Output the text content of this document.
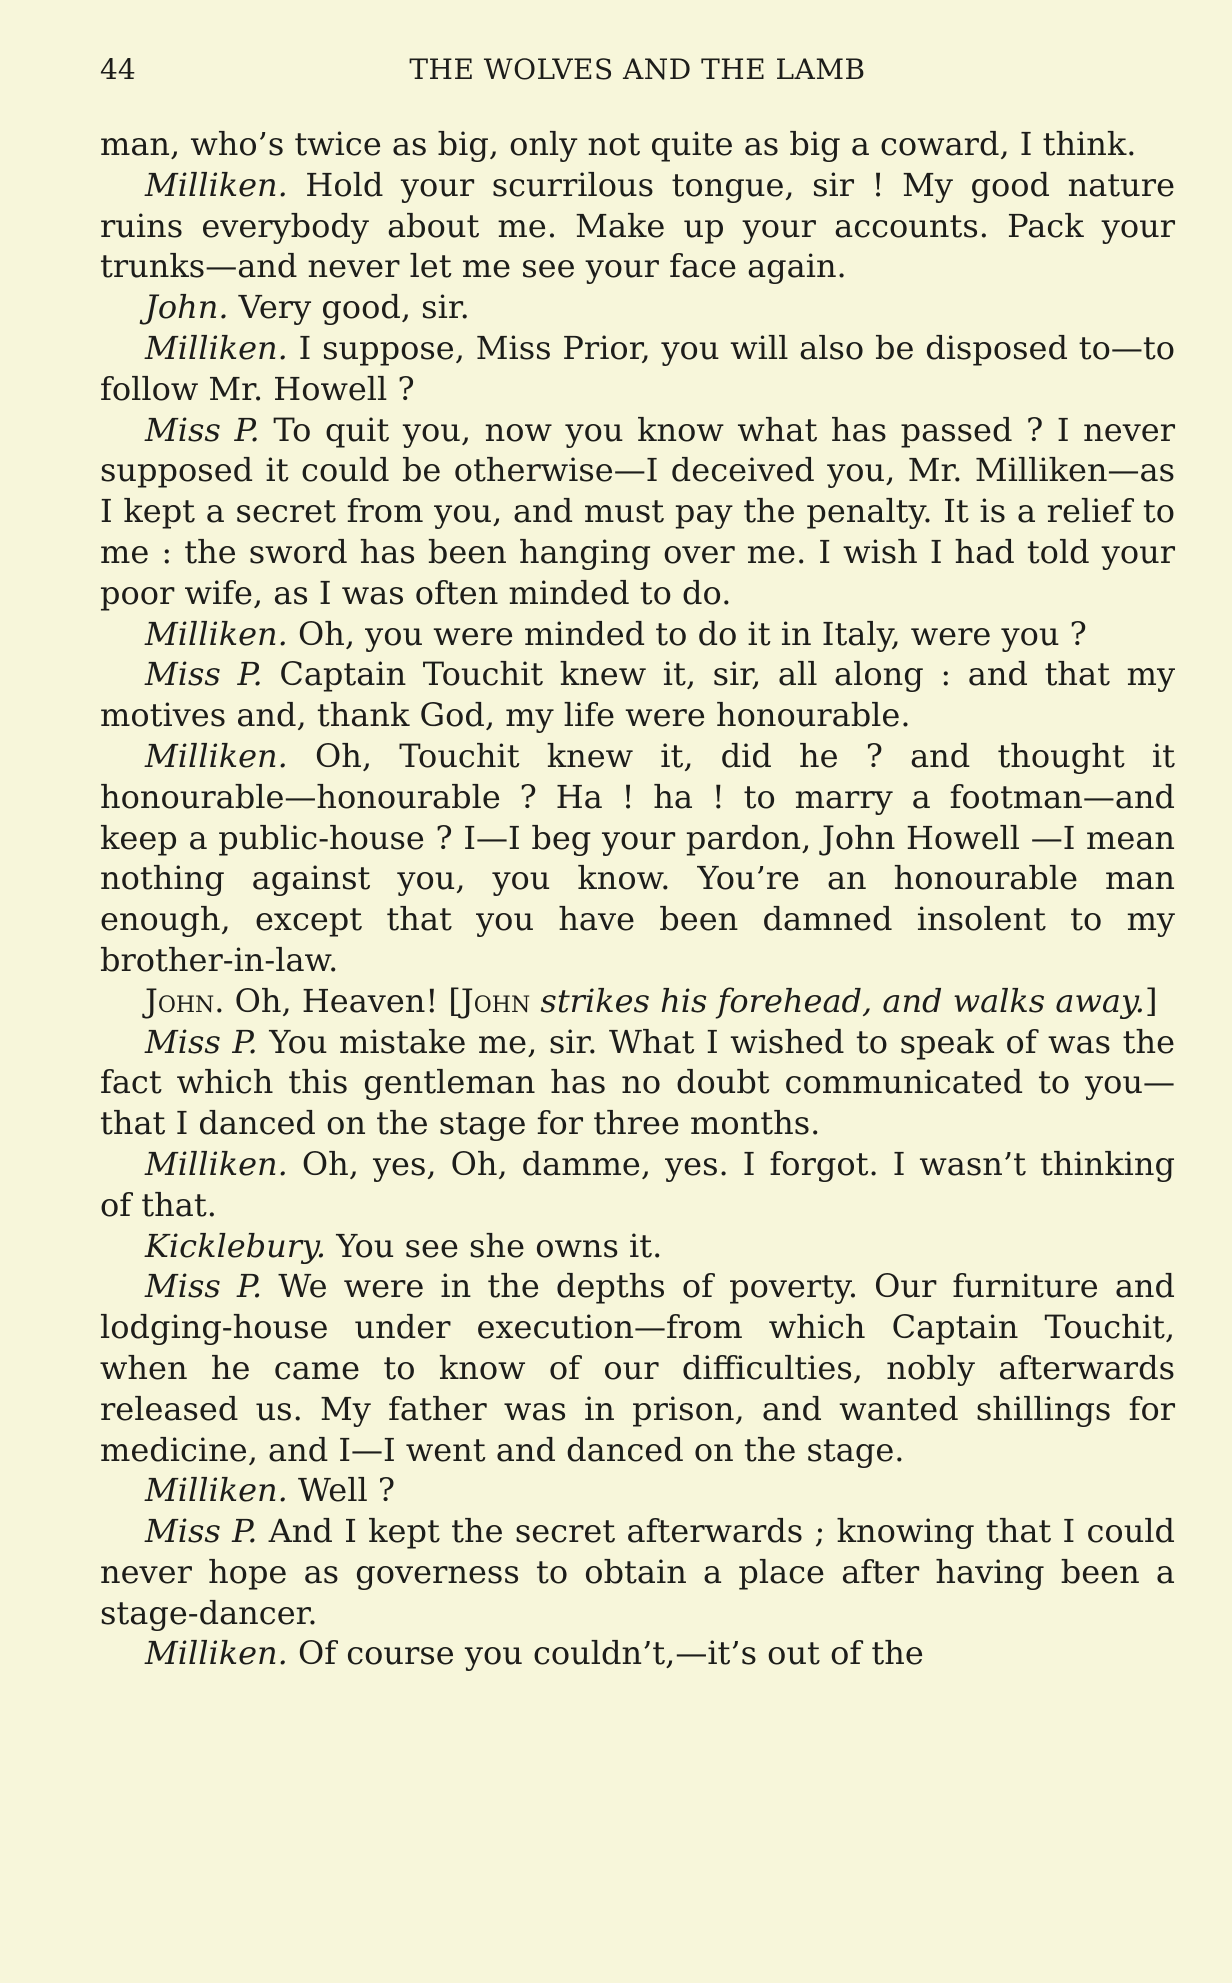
44	THE WOLVES AND THE LAMB

man, who’s twice as big, only not quite as big a coward, I think.

Milliken. Hold your scurrilous tongue, sir ! My good nature ruins everybody about me. Make up your accounts. Pack your trunks—and never let me see your face again.

John. Very good, sir.

Milliken. I suppose, Miss Prior, you will also be disposed to—to follow Mr. Howell ?

Miss P. To quit you, now you know what has passed ? I never supposed it could be otherwise—I deceived you, Mr. Milliken—as I kept a secret from you, and must pay the penalty. It is a relief to me : the sword has been hanging over me. I wish I had told your poor wife, as I was often minded to do.

Milliken. Oh, you were minded to do it in Italy, were you ?

Miss P. Captain Touchit knew it, sir, all along : and that my motives and, thank God, my life were honourable.

Milliken. Oh, Touchit knew it, did he ? and thought it honourable—honourable ? Ha ! ha ! to marry a footman—and keep a public-house ? I—I beg your pardon, John Howell —I mean nothing against you, you know. You’re an honourable man enough, except that you have been damned insolent to my brother-in-law.

John. Oh, Heaven! [John strikes his forehead, and walks away.]

Miss P. You mistake me, sir. What I wished to speak of was the fact which this gentleman has no doubt communicated to you—that I danced on the stage for three months.

Milliken. Oh, yes, Oh, damme, yes. I forgot. I wasn’t thinking of that.

Kicklebury. You see she owns it.

Miss P. We were in the depths of poverty. Our furniture and lodging-house under execution—from which Captain Touchit, when he came to know of our difficulties, nobly afterwards released us. My father was in prison, and wanted shillings for medicine, and I—I went and danced on the stage.

Milliken. Well ?

Miss P. And I kept the secret afterwards ; knowing that I could never hope as governess to obtain a place after having been a stage-dancer.

Milliken. Of course you couldn’t,—it’s out of the
